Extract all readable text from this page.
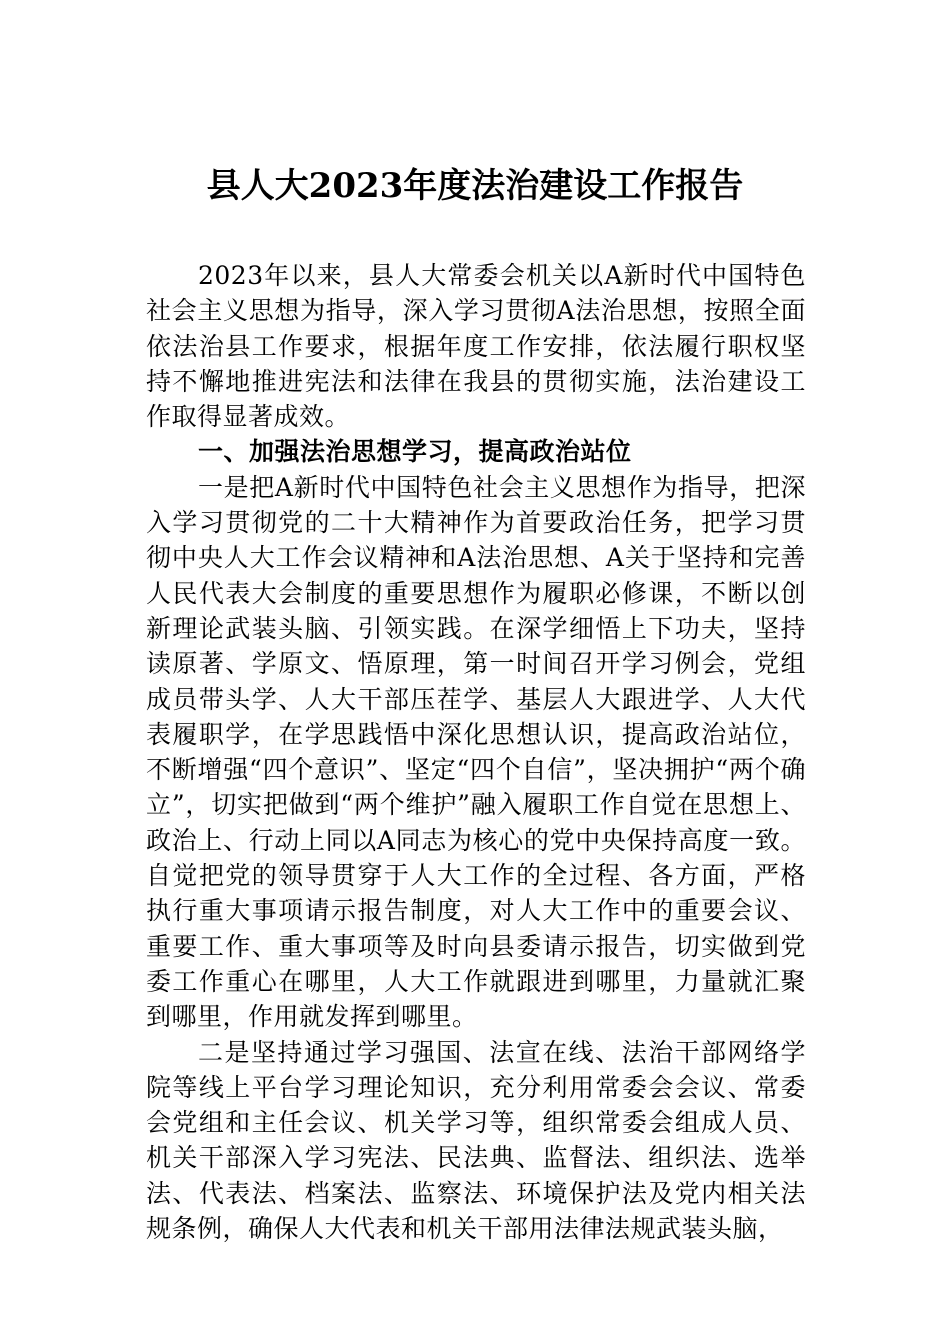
县人大2023年度法治建设工作报告

2023年以来，县人大常委会机关以A新时代中国特色社会主义思想为指导，深入学习贯彻A法治思想，按照全面依法治县工作要求，根据年度工作安排，依法履行职权坚持不懈地推进宪法和法律在我县的贯彻实施，法治建设工作取得显著成效。

一、加强法治思想学习，提高政治站位

一是把A新时代中国特色社会主义思想作为指导，把深入学习贯彻党的二十大精神作为首要政治任务，把学习贯彻中央人大工作会议精神和A法治思想、A关于坚持和完善人民代表大会制度的重要思想作为履职必修课，不断以创新理论武装头脑、引领实践。在深学细悟上下功夫，坚持读原著、学原文、悟原理，第一时间召开学习例会，党组成员带头学、人大干部压茬学、基层人大跟进学、人大代表履职学，在学思践悟中深化思想认识，提高政治站位，不断增强“四个意识”、坚定“四个自信”，坚决拥护“两个确立”，切实把做到“两个维护”融入履职工作自觉在思想上、政治上、行动上同以A同志为核心的党中央保持高度一致。自觉把党的领导贯穿于人大工作的全过程、各方面，严格执行重大事项请示报告制度，对人大工作中的重要会议、重要工作、重大事项等及时向县委请示报告，切实做到党委工作重心在哪里，人大工作就跟进到哪里，力量就汇聚到哪里，作用就发挥到哪里。

二是坚持通过学习强国、法宣在线、法治干部网络学院等线上平台学习理论知识，充分利用常委会会议、常委会党组和主任会议、机关学习等，组织常委会组成人员、机关干部深入学习宪法、民法典、监督法、组织法、选举法、代表法、档案法、监察法、环境保护法及党内相关法规条例，确保人大代表和机关干部用法律法规武装头脑，
